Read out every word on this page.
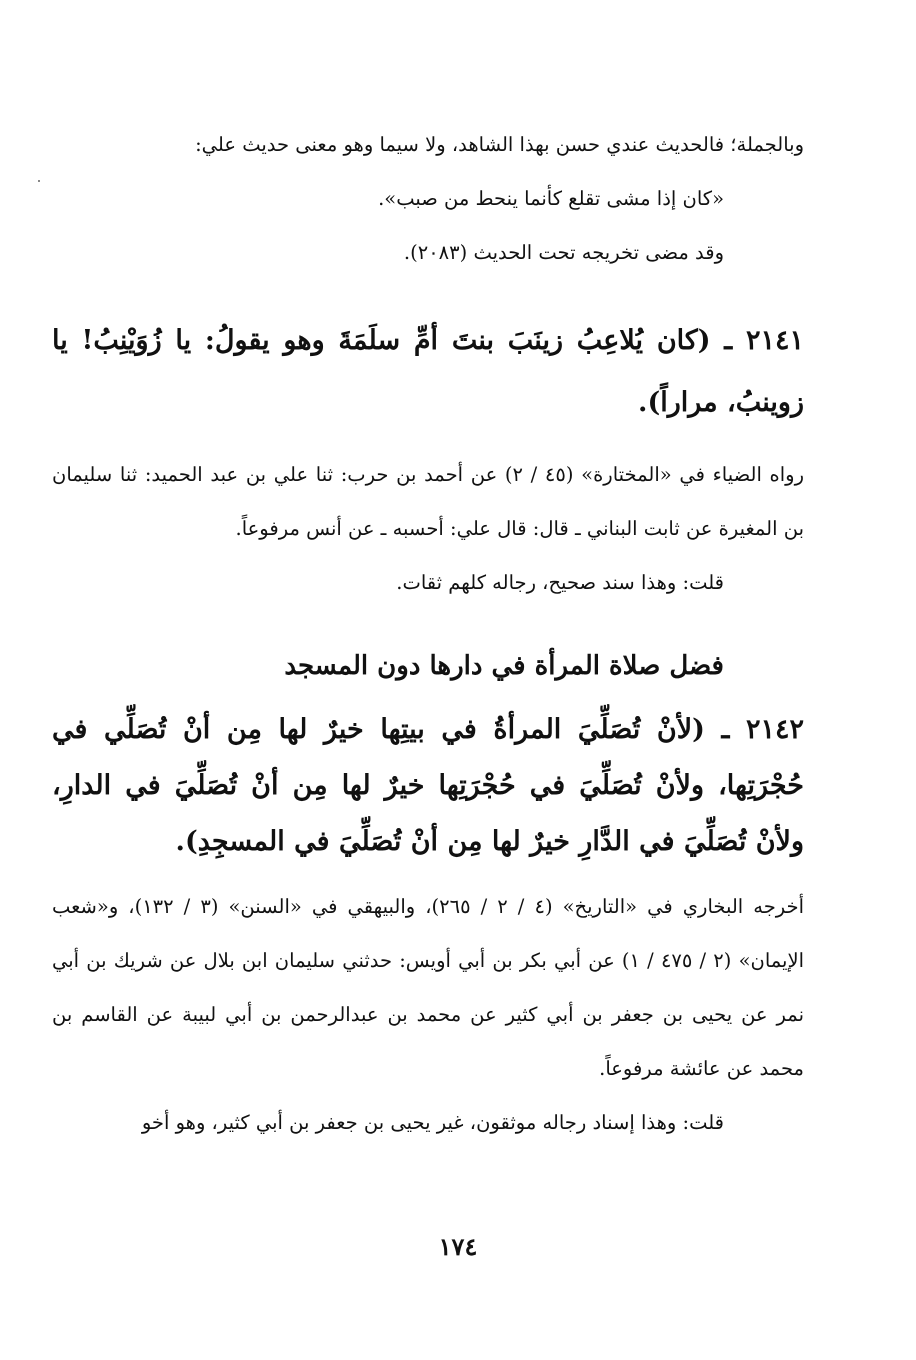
وبالجملة؛ فالحديث عندي حسن بهذا الشاهد، ولا سيما وهو معنى حديث علي:

«كان إذا مشى تقلع كأنما ينحط من صبب».

وقد مضى تخريجه تحت الحديث (٢٠٨٣).

٢١٤١ ـ (كان يُلاعِبُ زينَبَ بنتَ أمِّ سلَمَةَ وهو يقولُ: يا زُوَيْنِبُ! يا زوينبُ، مراراً).

رواه الضياء في «المختارة» (٤٥ / ٢) عن أحمد بن حرب: ثنا علي بن عبد الحميد: ثنا سليمان بن المغيرة عن ثابت البناني ـ قال: قال علي: أحسبه ـ عن أنس مرفوعاً.

قلت: وهذا سند صحيح، رجاله كلهم ثقات.

فضل صلاة المرأة في دارها دون المسجد

٢١٤٢ ـ (لأنْ تُصَلِّيَ المرأةُ في بيتِها خيرٌ لها مِن أنْ تُصَلِّي في حُجْرَتِها، ولأنْ تُصَلِّيَ في حُجْرَتِها خيرٌ لها مِن أنْ تُصَلِّيَ في الدارِ، ولأنْ تُصَلِّيَ في الدَّارِ خيرٌ لها مِن أنْ تُصَلِّيَ في المسجِدِ).

أخرجه البخاري في «التاريخ» (٤ / ٢ / ٢٦٥)، والبيهقي في «السنن» (٣ / ١٣٢)، و«شعب الإيمان» (٢ / ٤٧٥ / ١) عن أبي بكر بن أبي أويس: حدثني سليمان ابن بلال عن شريك بن أبي نمر عن يحيى بن جعفر بن أبي كثير عن محمد بن عبدالرحمن بن أبي لبيبة عن القاسم بن محمد عن عائشة مرفوعاً.

قلت: وهذا إسناد رجاله موثقون، غير يحيى بن جعفر بن أبي كثير، وهو أخو

١٧٤
